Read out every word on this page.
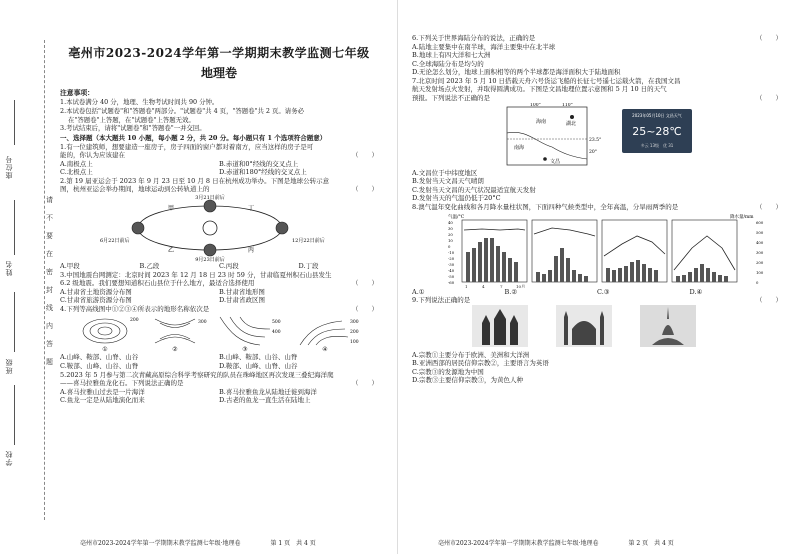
座位号
姓名
班级
学校
请
不
要
在
密
封
线
内
答
题
亳州市2023-2024学年第一学期期末教学监测七年级
地理卷
注意事项：
1.本试卷满分 40 分，地理、生物考试时间共 90 分钟。
2.本试卷包括"试题卷"和"答题卷"两部分。"试题卷"共 4 页，"答题卷"共 2 页。请务必
在"答题卷"上答题，在"试题卷"上答题无效。
3.考试结束后，请将"试题卷"和"答题卷"一并交回。
一、选择题（本大题共 10 小题，每小题 2 分，共 20 分。每小题只有 1 个选项符合题意）
1.有一位建筑师，想要建造一座房子，房子四面的窗户都对着南方，应当这样的房子是可
能的，你认为应该建在	（　　）
A.南极点上	B.赤道和0°经线的交叉点上
C.北极点上	D.赤道和180°经线的交叉点上
2.第 19 届亚运会于 2023 年 9 月 23 日至 10 月 8 日在杭州成功举办。下图是地球公转示意
图，杭州亚运会举办期间，地球运动到公转轨道上的	（　　）
3月21日前后
甲
乙	丙
丁
6月22日前后	12月22日前后
9月23日前后
A.甲段	B.乙段	C.丙段	D.丁段
3.中国地震台网测定：北京时间 2023 年 12 月 18 日 23 时 59 分，甘肃临夏州积石山县发生
6.2 级地震。我们要想知道积石山县位于什么地方，最适合选择使用	（　　）
A.甘肃省土地资源分布图	B.甘肃省地形图
C.甘肃省旅游资源分布图	D.甘肃省政区图
4.下列等高线图中①②③④所表示的地形名称依次是	（　　）
①	②	③	④
200	300	500
400
300
200
100
A.山峰、鞍部、山脊、山谷	B.山峰、鞍部、山谷、山脊
C.鞍部、山峰、山谷、山脊	D.鞍部、山峰、山脊、山谷
5.2023 年 5 月参与第二次青藏高原综合科学考察研究的队员在珠峰地区再次发现三叠纪海洋爬
——喜马拉雅鱼龙化石。下列说法正确的是	（　　）
A.喜马拉雅山过去是一片海洋	B.喜马拉雅鱼龙从陆地迁徙到海洋
C.鱼龙一定是从陆地演化而来	D.古老的鱼龙一直生活在陆地上
亳州市2023-2024学年第一学期期末教学监测七年级·地理卷　　　　　第 1 页　共 4 页
6.下列关于世界海陆分布的说法，正确的是	（　　）
A.陆地主要集中在南半球，海洋主要集中在北半球
B.地球上有四大洋和七大洲
C.全球海陆分布是均匀的
D.无论怎么划分，地球上面积相等的两个半球都是海洋面积大于陆地面积
7.北京时间 2023 年 5 月 10 日搭载天舟六号货运飞船的长征七号遥七运载火箭，在我国文昌
航天发射场点火发射，并取得圆满成功。下图是文昌地理位置示意图和 5 月 10 日的天气
预报。下列说法不正确的是	（　　）
100°	110°
海南	湖北
文昌
23.5°
20°
南海
2023年05月10日 文昌天气
25~28℃
多云 13级　优 31
A.文昌位于中纬度地区
B.发射当天文昌天气晴朗
C.发射当天文昌的天气状况最适宜航天发射
D.发射当天的气温仍低于20°C
8.澳气温年变化曲线和各月降水量柱状图，下面四种气候类型中，全年高温，分旱雨两季的是	（　　）
气温/°C	降水量/mm
40
30
20
10
0
-10
-20
-30
-40
-50
-60
600
500
400
300
200
100
0
1	4	7	10月
A.①	B.②	C.③	D.④
9.下列说法正确的是	（　　）

A.宗教①主要分布于欧洲、美洲和大洋洲
B.亚洲西部的居民信仰宗教②，主要语言为英语
C.宗教③的发源地为中国
D.宗教③主要信仰宗教③，为黄色人种
亳州市2023-2024学年第一学期期末教学监测七年级·地理卷　　　　　第 2 页　共 4 页
